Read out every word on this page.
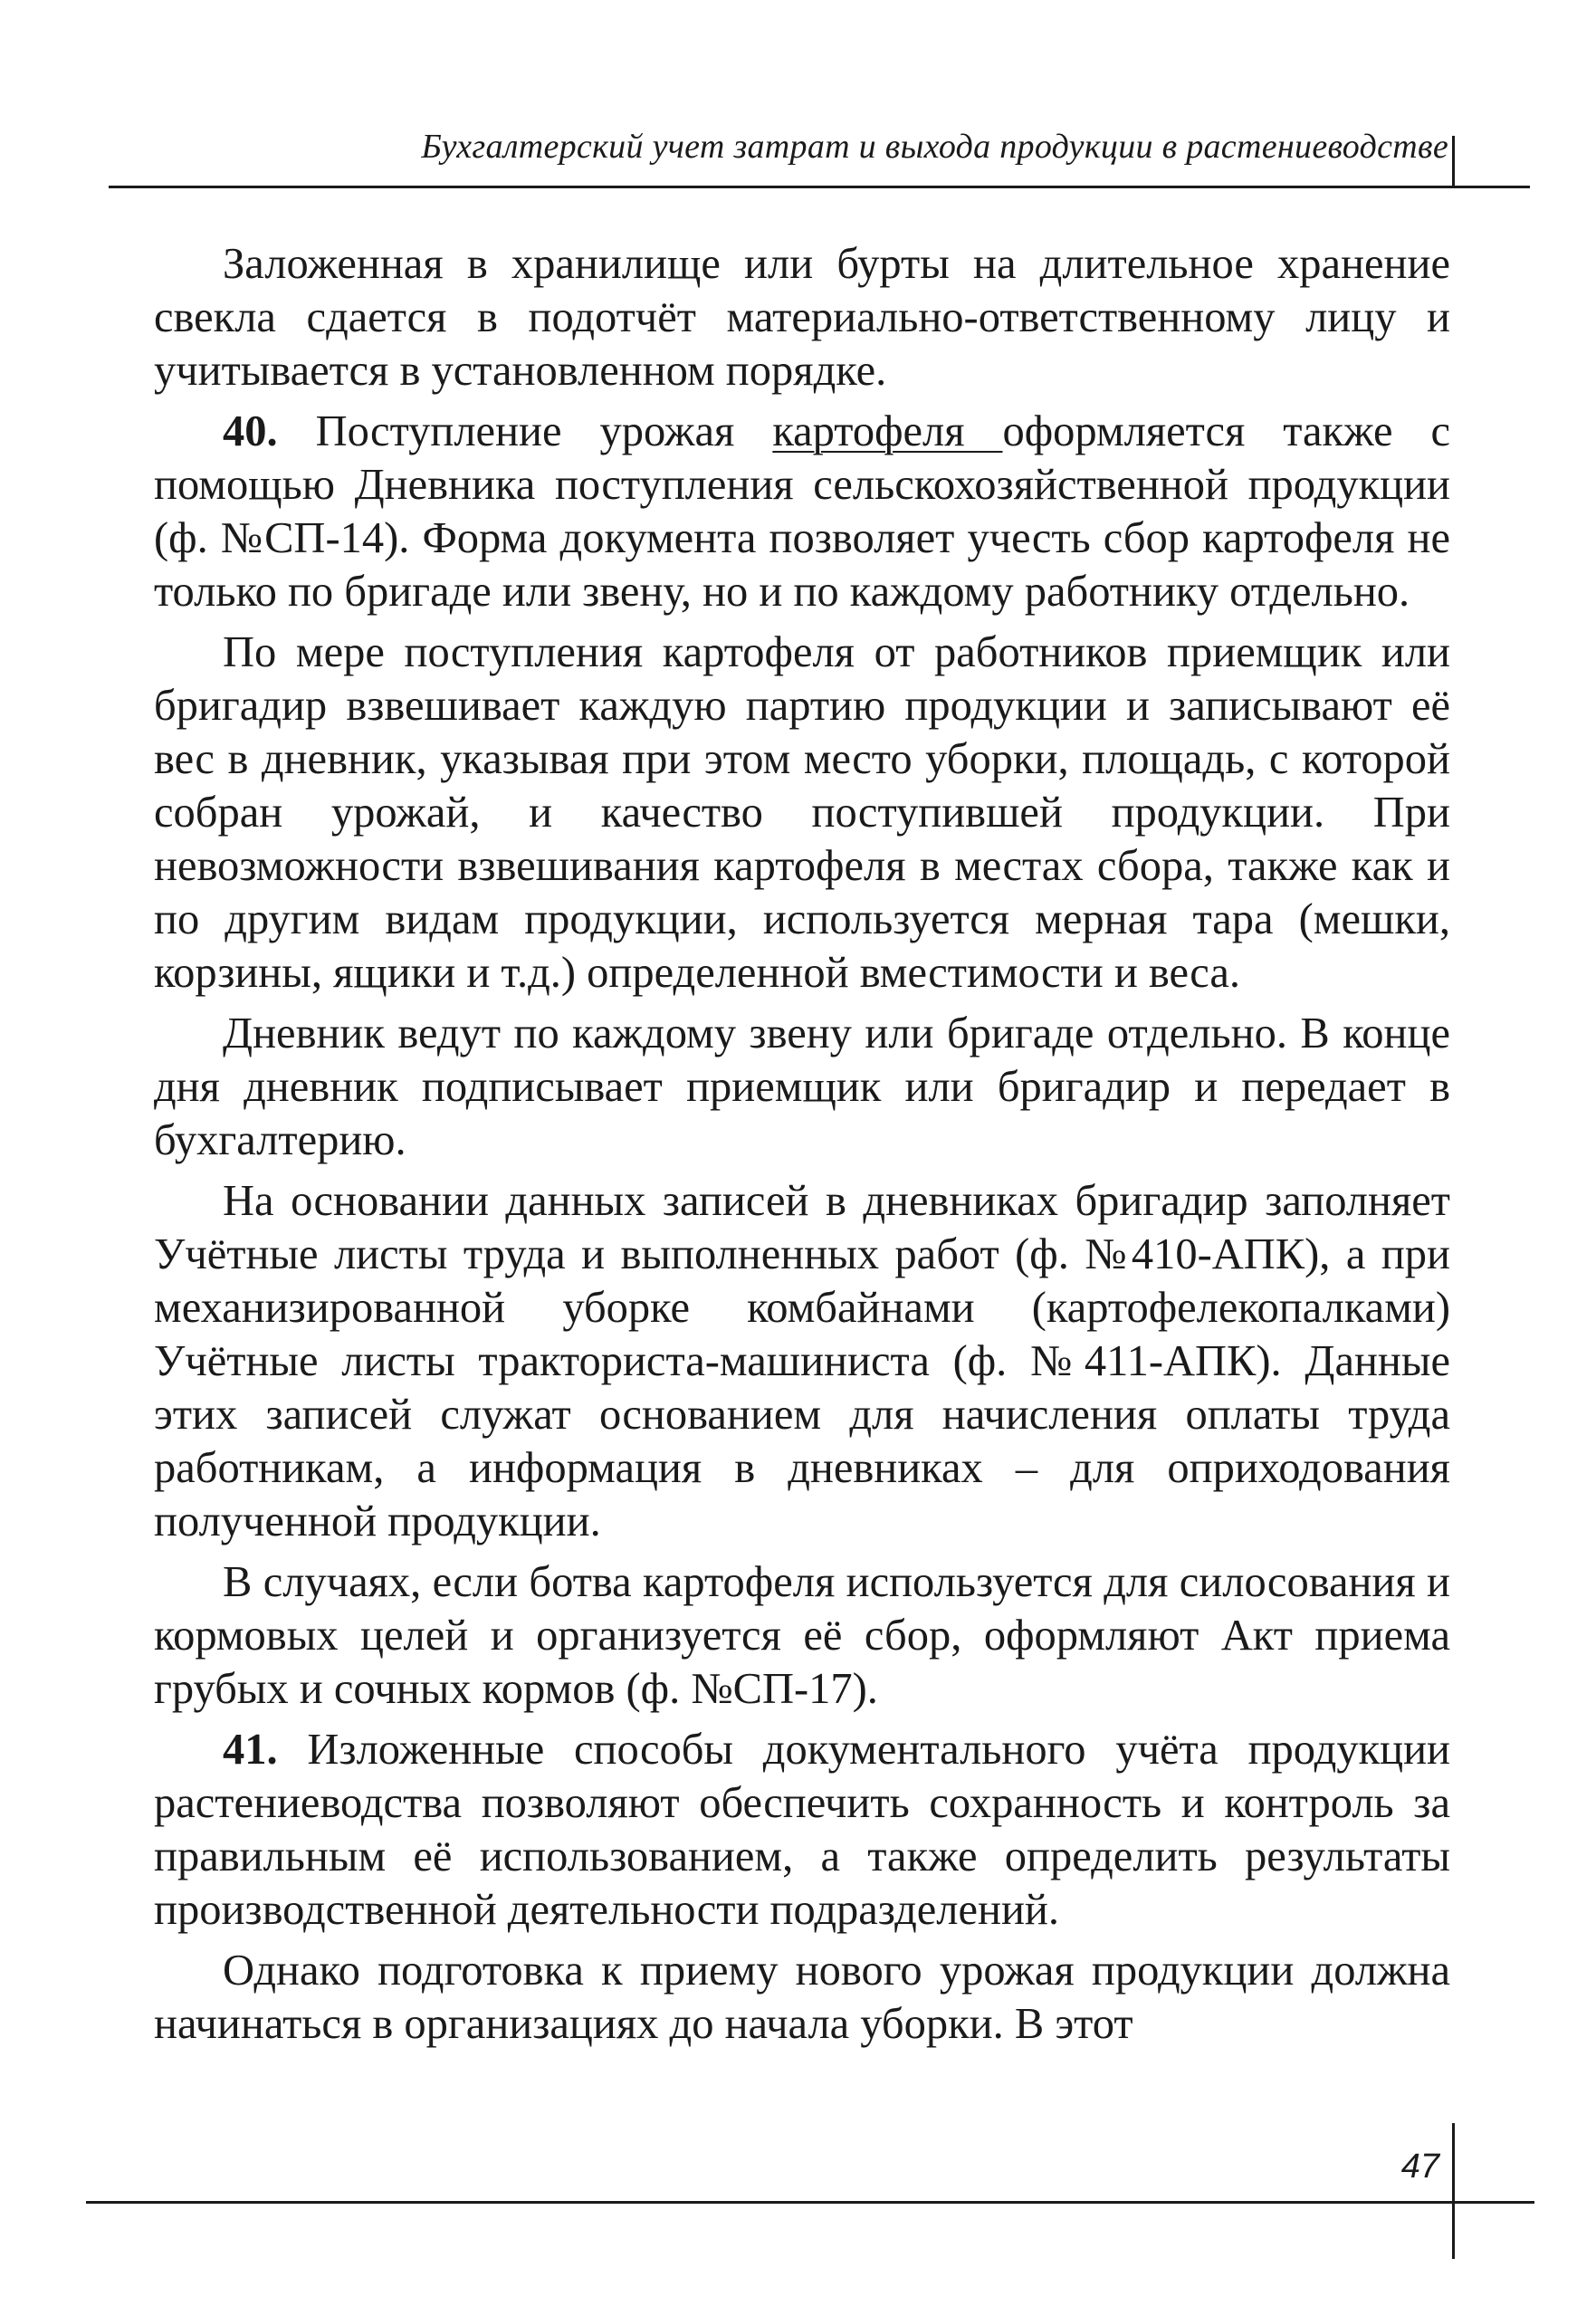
Бухгалтерский учет затрат и выхода продукции в растениеводстве

Заложенная в хранилище или бурты на длительное хранение свекла сдается в подотчёт материально-ответственному лицу и учитывается в установленном порядке.

40. Поступление урожая картофеля оформляется также с помощью Дневника поступления сельскохозяйственной продукции (ф. №СП-14). Форма документа позволяет учесть сбор картофеля не только по бригаде или звену, но и по каждому работнику отдельно.

По мере поступления картофеля от работников приемщик или бригадир взвешивает каждую партию продукции и записывают её вес в дневник, указывая при этом место уборки, площадь, с которой собран урожай, и качество поступившей продукции. При невозможности взвешивания картофеля в местах сбора, также как и по другим видам продукции, используется мерная тара (мешки, корзины, ящики и т.д.) определенной вместимости и веса.

Дневник ведут по каждому звену или бригаде отдельно. В конце дня дневник подписывает приемщик или бригадир и передает в бухгалтерию.

На основании данных записей в дневниках бригадир заполняет Учётные листы труда и выполненных работ (ф. №410-АПК), а при механизированной уборке комбайнами (картофелекопалками) Учётные листы тракториста-машиниста (ф. №411-АПК). Данные этих записей служат основанием для начисления оплаты труда работникам, а информация в дневниках – для оприходования полученной продукции.

В случаях, если ботва картофеля используется для силосования и кормовых целей и организуется её сбор, оформляют Акт приема грубых и сочных кормов (ф. №СП-17).

41. Изложенные способы документального учёта продукции растениеводства позволяют обеспечить сохранность и контроль за правильным её использованием, а также определить результаты производственной деятельности подразделений.

Однако подготовка к приему нового урожая продукции должна начинаться в организациях до начала уборки. В этот

47
